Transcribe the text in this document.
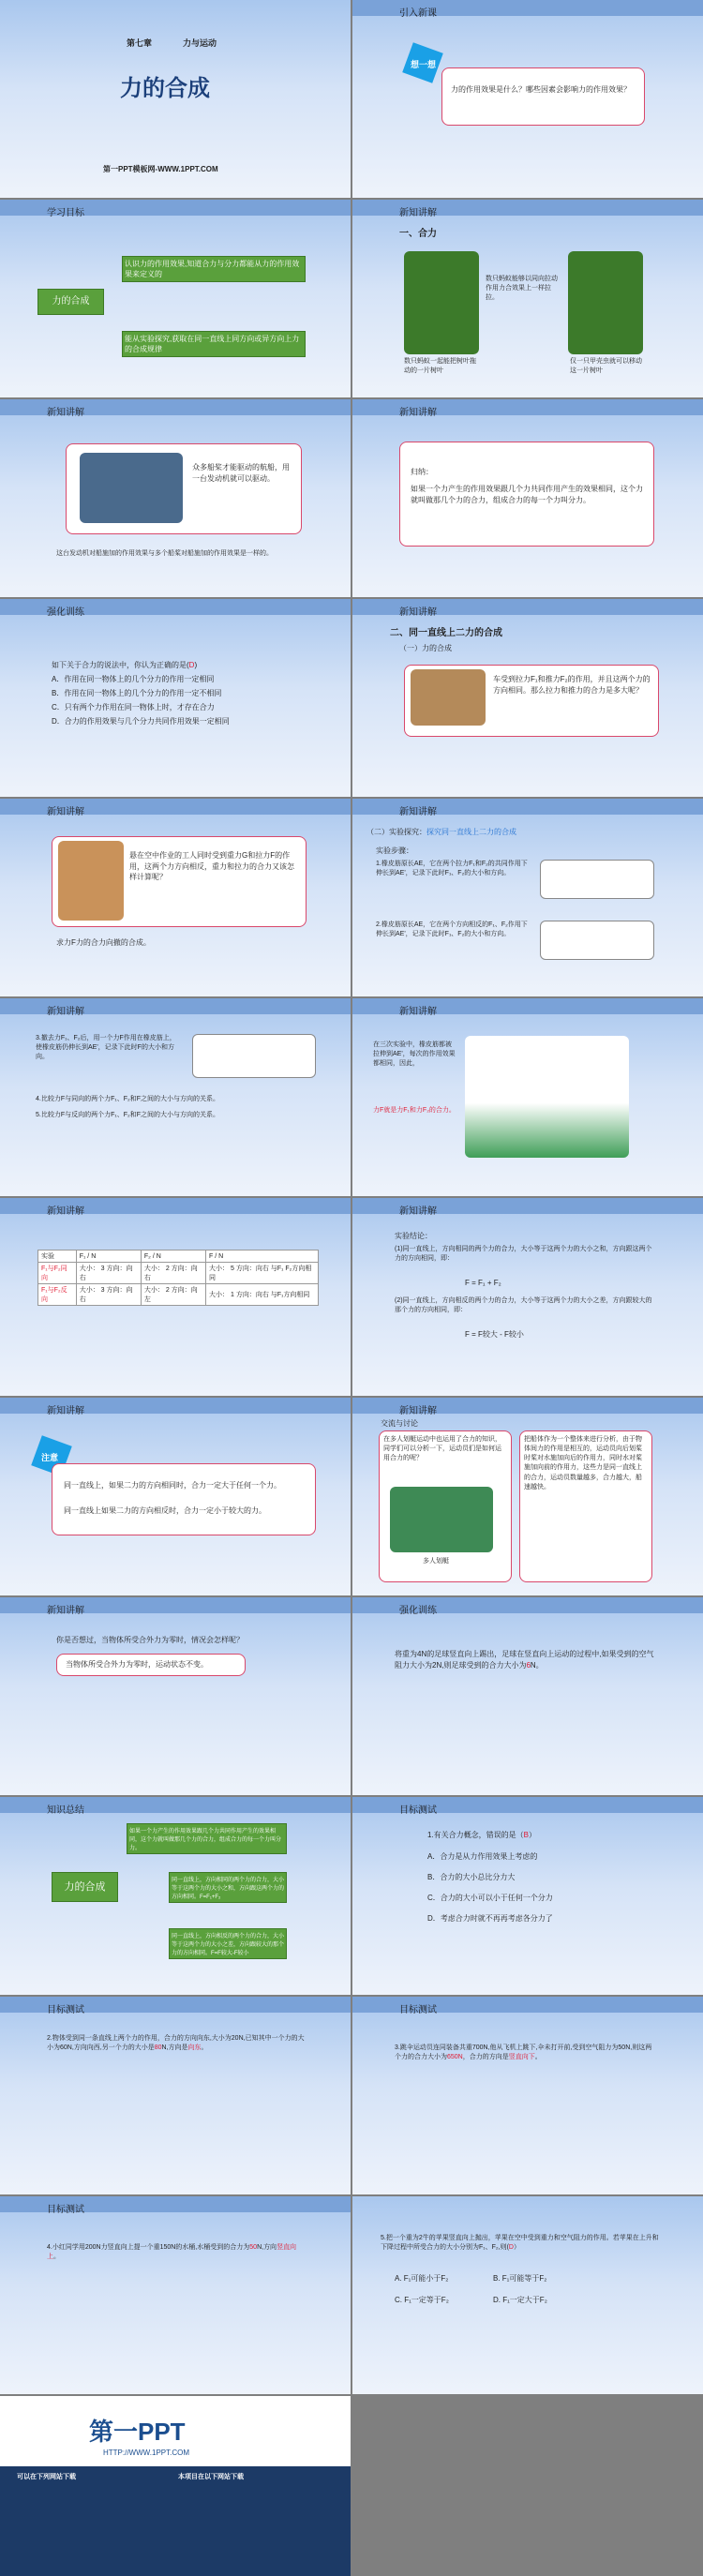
第七章	力与运动
力的合成
第一PPT模板网-WWW.1PPT.COM
引入新课
想一想
力的作用效果是什么？哪些因素会影响力的作用效果？
学习目标
力的合成
认识力的作用效果,知道合力与分力都能从力的作用效果来定义的
能从实验探究,获取在同一直线上同方向或异方向上力的合成规律
新知讲解
一、合力
数只蚂蚁能够以同向拉动作用力合效果上一样拉拉。
数只蚂蚁一起能把树叶拖动的一片树叶
仅一只甲壳虫就可以移动这一片树叶
新知讲解
众多船桨才能驱动的航船，用一台发动机就可以驱动。
这台发动机对船施加的作用效果与多个船桨对船施加的作用效果是一样的。
新知讲解
归纳：
如果一个力产生的作用效果跟几个力共同作用产生的效果相同，这个力就叫做那几个力的合力，组成合力的每一个力叫分力。
强化训练
如下关于合力的说法中，你认为正确的是(D)
A．作用在同一物体上的几个分力的作用一定相同
B．作用在同一物体上的几个分力的作用一定不相同
C．只有两个力作用在同一物体上时，才存在合力
D．合力的作用效果与几个分力共同作用效果一定相同
新知讲解
二、同一直线上二力的合成
（一）力的合成
车受到拉力F₁和推力F₂的作用，并且这两个力的方向相同。那么拉力和推力的合力是多大呢？
新知讲解
悬在空中作业的工人同时受到重力G和拉力F的作用，这两个力方向相反，重力和拉力的合力又该怎样计算呢？
求力F力的合力向撤的合成。
新知讲解
（二）实验探究：探究同一直线上二力的合成
实验步骤：
1.橡皮筋原长AE，它在两个拉力F₁和F₂的共同作用下伸长到AE'，记录下此时F₁、F₂的大小和方向。
2.橡皮筋原长AE，它在两个方向相反的F₁、F₂作用下伸长到AE'，记录下此时F₁、F₂的大小和方向。
新知讲解
3.撤去力F₁、F₂后，用一个力F作用在橡皮筋上，使橡皮筋仍伸长到AE'，记录下此时F的大小和方向。
4.比较力F与同向的两个力F₁、F₂和F之间的大小与方向的关系。
5.比较力F与反向的两个力F₁、F₂和F之间的大小与方向的关系。
新知讲解
在三次实验中，橡皮筋都被拉伸到AE'，每次的作用效果都相同，因此，
力F就是力F₁和力F₂的合力。
新知讲解
实验	F₁ / N	F₂ / N	F / N
F₁与F₂同向	大小： 3 方向：向右	大小： 2 方向：向右	大小： 5 方向：向右 与F₁ F₂方向相同
F₁与F₂反向	大小： 3 方向：向右	大小： 2 方向：向左	大小： 1 方向：向右 与F₁方向相同
新知讲解
实验结论：
(1)同一直线上，方向相同的两个力的合力，大小等于这两个力的大小之和，方向跟这两个力的方向相同，即：
F = F₁ + F₂
(2)同一直线上，方向相反的两个力的合力，大小等于这两个力的大小之差，方向跟较大的那个力的方向相同，即：
F = F较大 - F较小
新知讲解
注意
同一直线上，如果二力的方向相同时，合力一定大于任何一个力。
同一直线上如果二力的方向相反时，合力一定小于较大的力。
新知讲解
交流与讨论
在多人划艇运动中也运用了合力的知识，同学们可以分析一下，运动员们是如何运用合力的呢？
多人划艇
把船体作为一个整体来进行分析，由于物体间力的作用是相互的，运动员向后划桨时桨对水施加向后的作用力，同时水对桨施加向前的作用力，这些力是同一直线上的合力，运动员数量越多，合力越大，船速越快。
新知讲解
你是否想过，当物体所受合外力为零时，情况会怎样呢？
当物体所受合外力为零时，运动状态不变。
强化训练
将重为4N的足球竖直向上踢出，足球在竖直向上运动的过程中,如果受到的空气阻力大小为2N,则足球受到的合力大小为6N。
知识总结
力的合成
如果一个力产生的作用效果跟几个力共同作用产生的效果相同，这个力就叫做那几个力的合力，组成合力的每一个力叫分力。
同一直线上，方向相同的两个力的合力，大小等于这两个力的大小之和，方向跟这两个力的方向相同。F=F₁+F₂
同一直线上，方向相反的两个力的合力，大小等于这两个力的大小之差，方向跟较大的那个力的方向相同。F=F较大-F较小
目标测试
1.有关合力概念，错误的是（B）
A．合力是从力作用效果上考虑的
B．合力的大小总比分力大
C．合力的大小可以小于任何一个分力
D．考虑合力时就不再再考虑各分力了
目标测试
2.物体受到同一条直线上两个力的作用，合力的方向向东,大小为20N,已知其中一个力的大小为60N,方向向西,另一个力的大小是80N,方向是向东。
目标测试
3.跳伞运动员连同装备共重700N,他从飞机上跳下,伞未打开前,受到空气阻力为50N,则这两个力的合力大小为650N，合力的方向是竖直向下。
目标测试
4.小红同学用200N力竖直向上提一个重150N的水桶,水桶受到的合力为50N,方向竖直向上。
5.把一个重为2牛的苹果竖直向上抛出，苹果在空中受到重力和空气阻力的作用。若苹果在上升和下降过程中所受合力的大小分别为F₁、F₂,则(D）
A. F₁可能小于F₂	B. F₁可能等于F₂
C. F₁一定等于F₂	D. F₁一定大于F₂
第一PPT
HTTP://WWW.1PPT.COM
可以在下列网站下载	本项目在以下网站下载
